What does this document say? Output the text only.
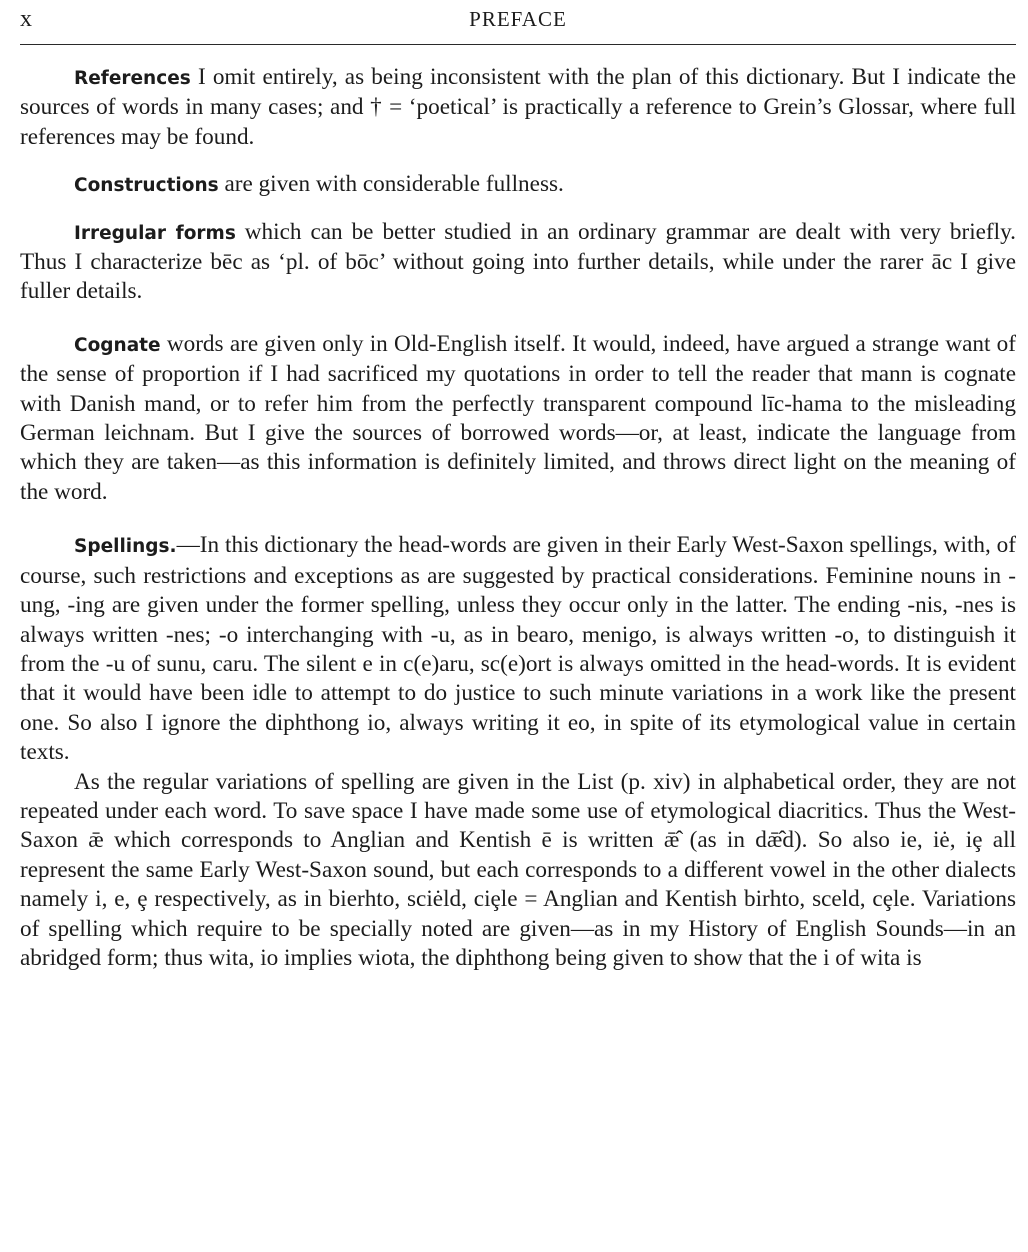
x	PREFACE

References I omit entirely, as being inconsistent with the plan of this dictionary. But I indicate the sources of words in many cases; and † = ‘poetical’ is practically a reference to Grein’s Glossar, where full references may be found.

Constructions are given with considerable fullness.

Irregular forms which can be better studied in an ordinary grammar are dealt with very briefly. Thus I characterize bēc as ‘pl. of bōc’ without going into further details, while under the rarer āc I give fuller details.

Cognate words are given only in Old-English itself. It would, indeed, have argued a strange want of the sense of proportion if I had sacrificed my quotations in order to tell the reader that mann is cognate with Danish mand, or to refer him from the perfectly transparent compound līc-hama to the misleading German leichnam. But I give the sources of borrowed words—or, at least, indicate the language from which they are taken—as this information is definitely limited, and throws direct light on the meaning of the word.

Spellings.—In this dictionary the head-words are given in their Early West-Saxon spellings, with, of course, such restrictions and exceptions as are suggested by practical considerations. Feminine nouns in -ung, -ing are given under the former spelling, unless they occur only in the latter. The ending -nis, -nes is always written -nes; -o interchanging with -u, as in bearo, menigo, is always written -o, to distinguish it from the -u of sunu, caru. The silent e in c(e)aru, sc(e)ort is always omitted in the head-words. It is evident that it would have been idle to attempt to do justice to such minute variations in a work like the present one. So also I ignore the diphthong io, always writing it eo, in spite of its etymological value in certain texts.

As the regular variations of spelling are given in the List (p. xiv) in alphabetical order, they are not repeated under each word. To save space I have made some use of etymological diacritics. Thus the West-Saxon ǣ which corresponds to Anglian and Kentish ē is written ǣ̂ (as in dǣ̂d). So also ie, iė, iȩ all represent the same Early West-Saxon sound, but each corresponds to a different vowel in the other dialects namely i, e, ȩ respectively, as in bierhto, sciėld, ciȩle = Anglian and Kentish birhto, sceld, cȩle. Variations of spelling which require to be specially noted are given—as in my History of English Sounds—in an abridged form; thus wita, io implies wiota, the diphthong being given to show that the i of wita is
